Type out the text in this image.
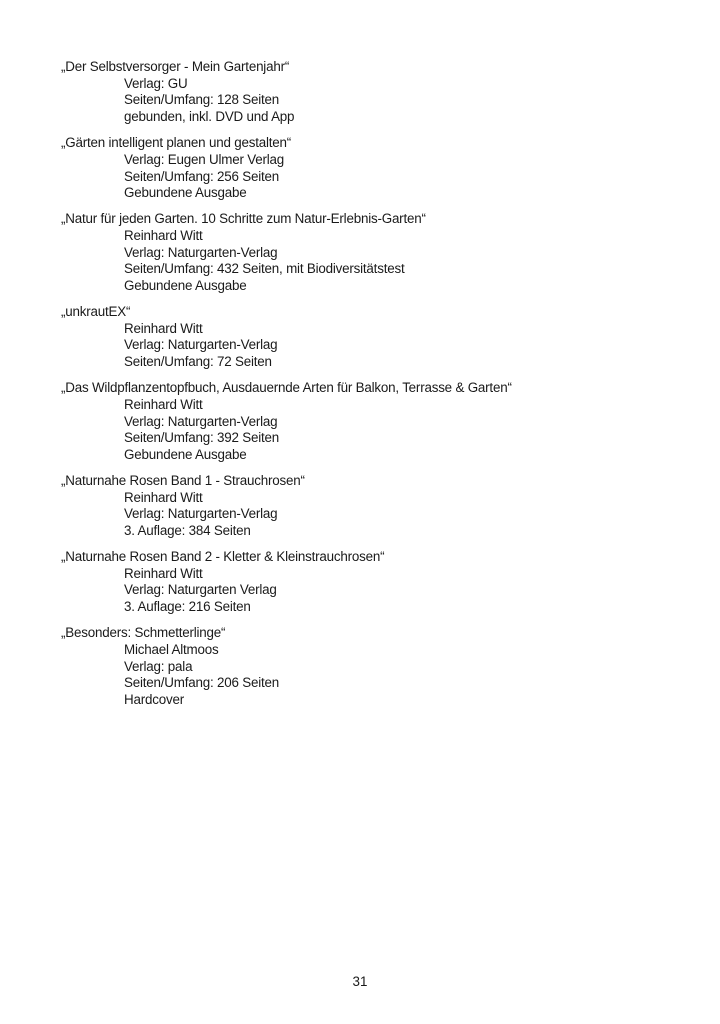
„Der Selbstversorger - Mein Gartenjahr“
Verlag: GU
Seiten/Umfang: 128 Seiten
gebunden, inkl. DVD und App
„Gärten intelligent planen und gestalten“
Verlag: Eugen Ulmer Verlag
Seiten/Umfang: 256 Seiten
Gebundene Ausgabe
„Natur für jeden Garten. 10 Schritte zum Natur-Erlebnis-Garten“
Reinhard Witt
Verlag: Naturgarten-Verlag
Seiten/Umfang: 432 Seiten, mit Biodiversitätstest
Gebundene Ausgabe
„unkrautEX“
Reinhard Witt
Verlag: Naturgarten-Verlag
Seiten/Umfang: 72 Seiten
„Das Wildpflanzentopfbuch, Ausdauernde Arten für Balkon, Terrasse & Garten“
Reinhard Witt
Verlag: Naturgarten-Verlag
Seiten/Umfang: 392 Seiten
Gebundene Ausgabe
„Naturnahe Rosen Band 1 - Strauchrosen“
Reinhard Witt
Verlag: Naturgarten-Verlag
3. Auflage: 384 Seiten
„Naturnahe Rosen Band 2 - Kletter & Kleinstrauchrosen“
Reinhard Witt
Verlag: Naturgarten Verlag
3. Auflage: 216 Seiten
„Besonders: Schmetterlinge“
Michael Altmoos
Verlag: pala
Seiten/Umfang: 206 Seiten
Hardcover
31
